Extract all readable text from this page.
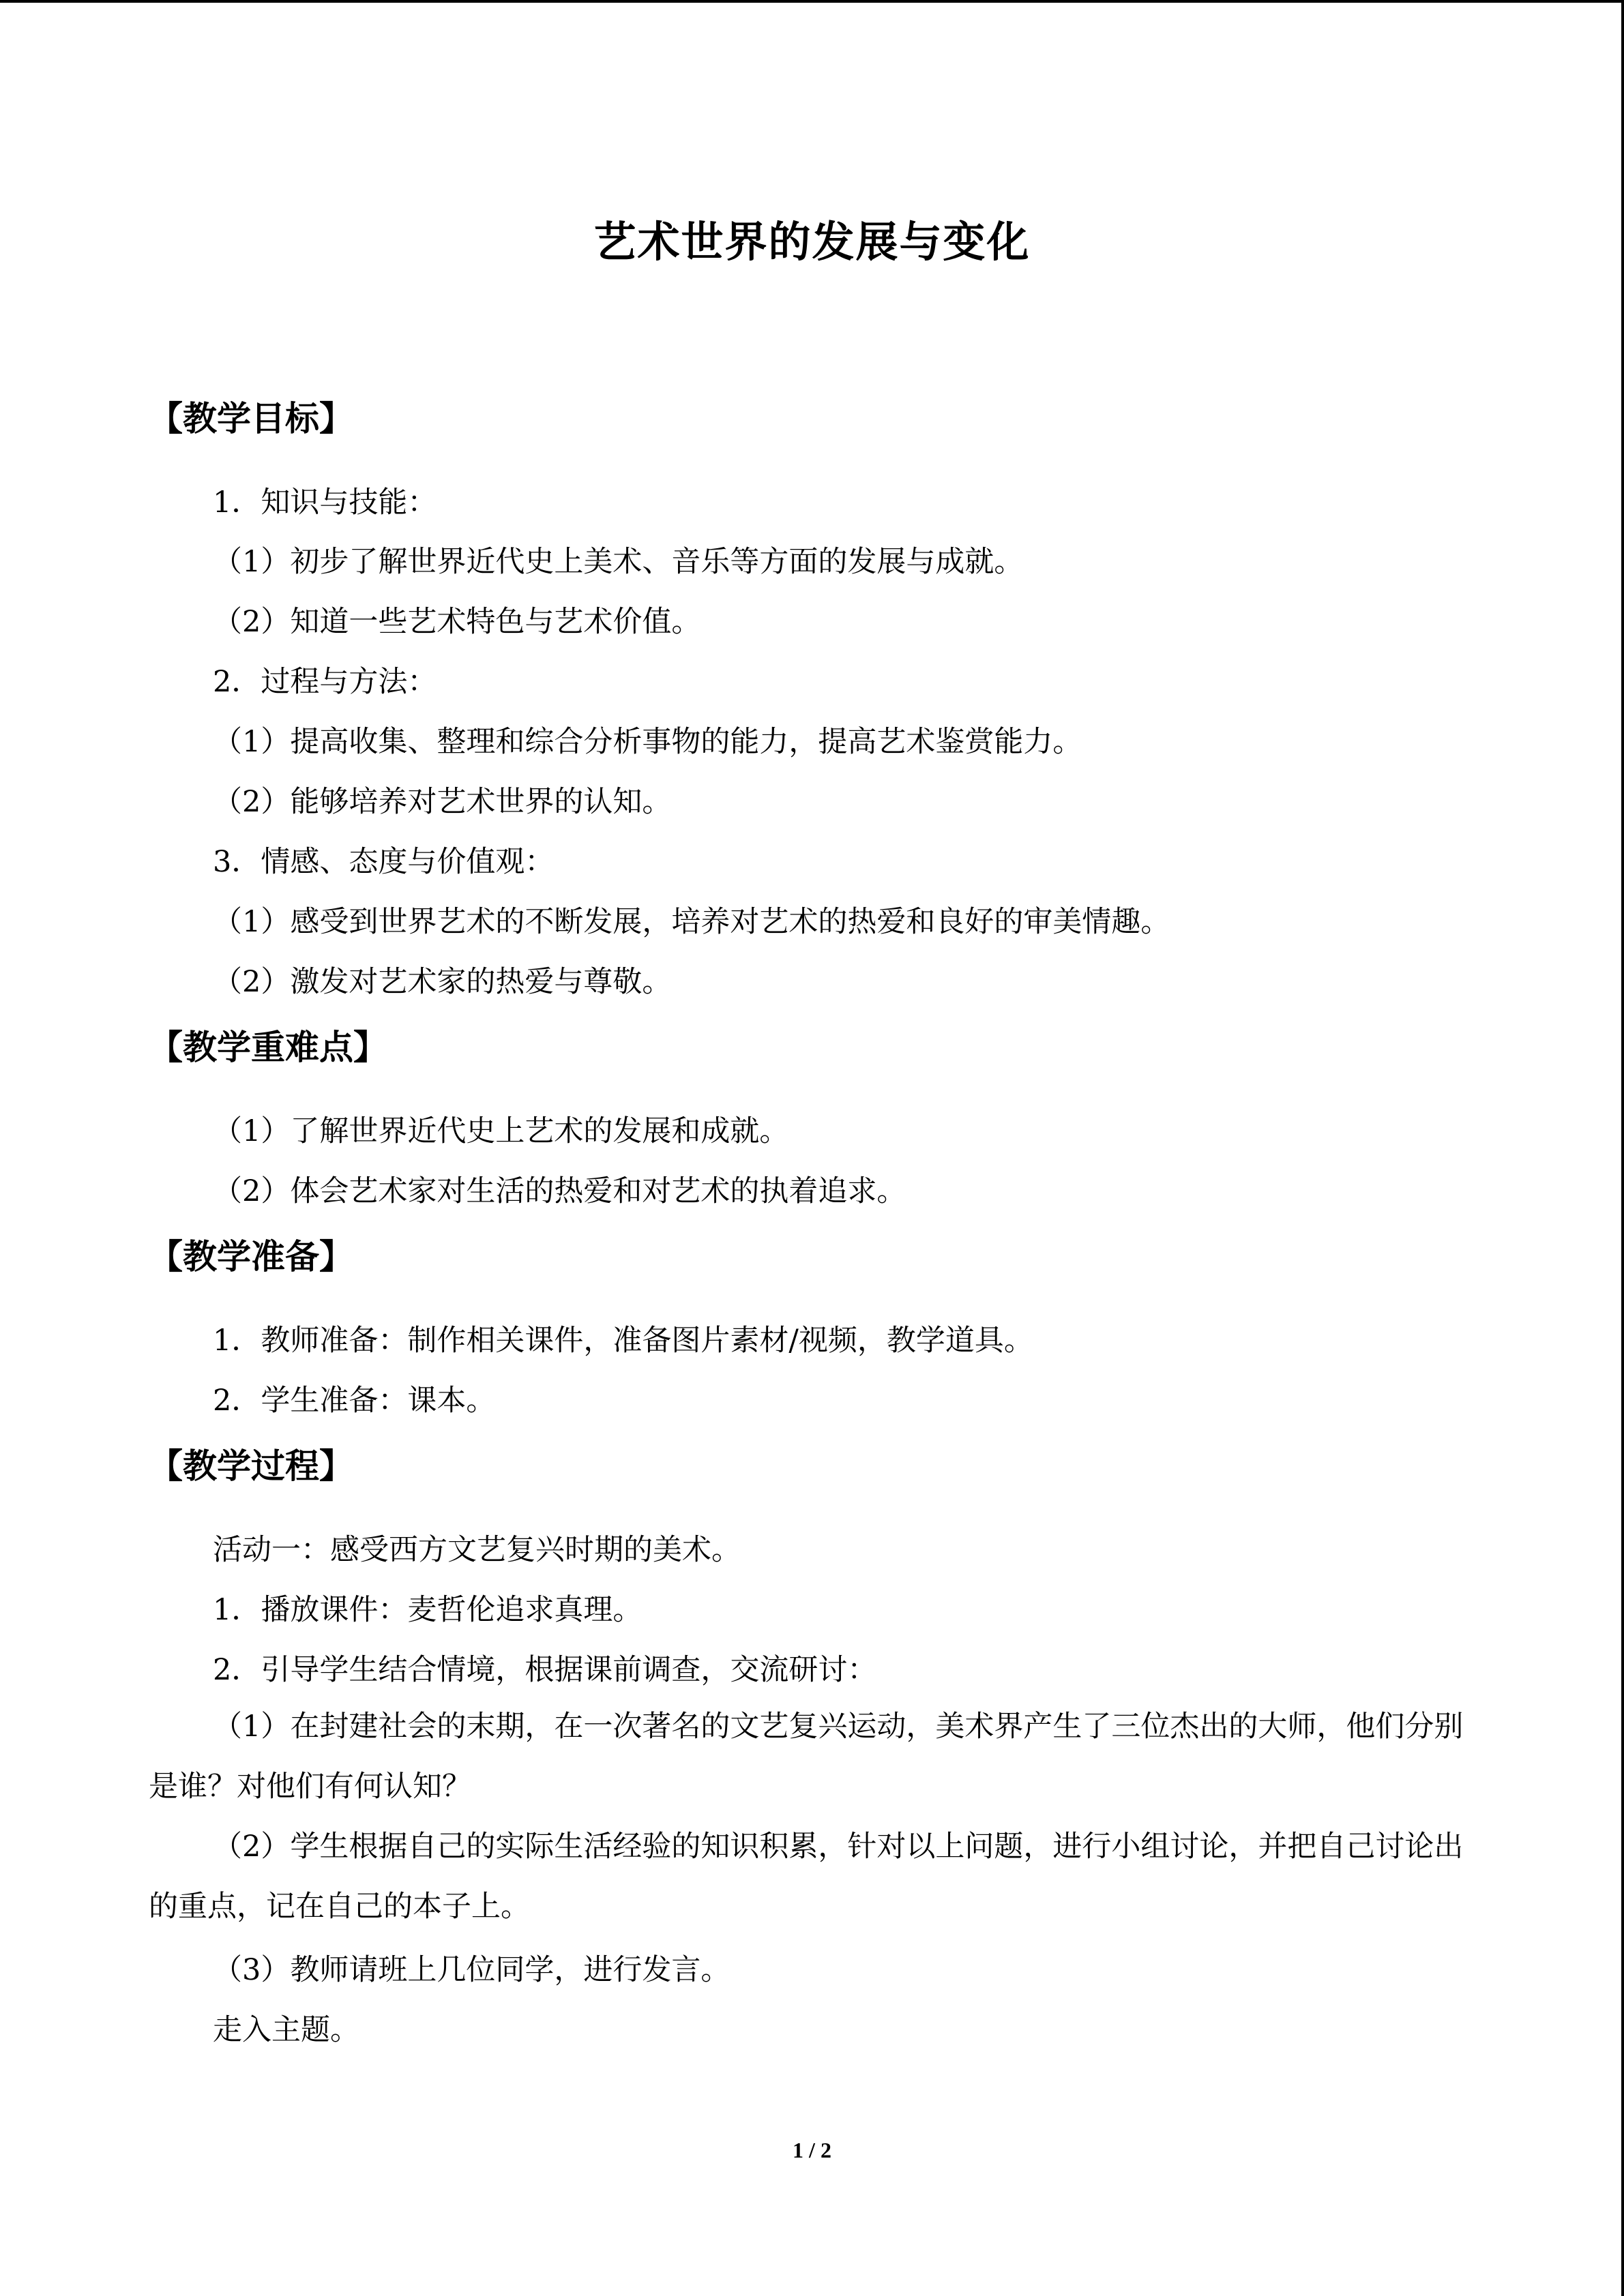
艺术世界的发展与变化
【教学目标】
1．知识与技能：
（1）初步了解世界近代史上美术、音乐等方面的发展与成就。
（2）知道一些艺术特色与艺术价值。
2．过程与方法：
（1）提高收集、整理和综合分析事物的能力，提高艺术鉴赏能力。
（2）能够培养对艺术世界的认知。
3．情感、态度与价值观：
（1）感受到世界艺术的不断发展，培养对艺术的热爱和良好的审美情趣。
（2）激发对艺术家的热爱与尊敬。
【教学重难点】
（1）了解世界近代史上艺术的发展和成就。
（2）体会艺术家对生活的热爱和对艺术的执着追求。
【教学准备】
1．教师准备：制作相关课件，准备图片素材/视频，教学道具。
2．学生准备：课本。
【教学过程】
活动一：感受西方文艺复兴时期的美术。
1．播放课件：麦哲伦追求真理。
2．引导学生结合情境，根据课前调查，交流研讨：
（1）在封建社会的末期，在一次著名的文艺复兴运动，美术界产生了三位杰出的大师，他们分别是谁？对他们有何认知？
（2）学生根据自己的实际生活经验的知识积累，针对以上问题，进行小组讨论，并把自己讨论出的重点，记在自己的本子上。
（3）教师请班上几位同学，进行发言。
走入主题。
1 / 2
